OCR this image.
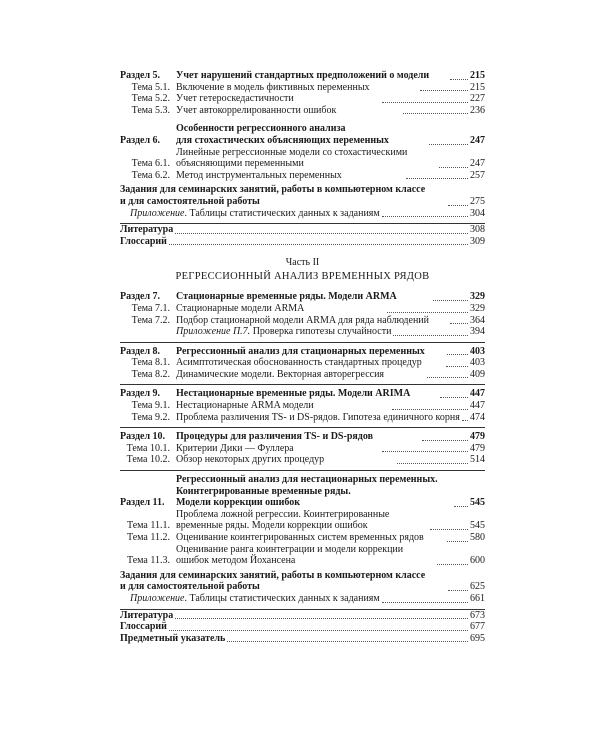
Раздел 5.	Учет нарушений стандартных предположений о модели	215
Тема 5.1. Включение в модель фиктивных переменных	215
Тема 5.2. Учет гетероскедастичности	227
Тема 5.3. Учет автокоррелированности ошибок	236
Раздел 6.
Особенности регрессионного анализа
для стохастических объясняющих переменных	247
Тема 6.1.
Линейные регрессионные модели со стохастическими
объясняющими переменными	247
Тема 6.2. Метод инструментальных переменных	257
Задания для семинарских занятий, работы в компьютерном классе
и для самостоятельной работы	275
Приложение. Таблицы статистических данных к заданиям	304
Литература	308
Глоссарий	309
Часть II
РЕГРЕССИОННЫЙ АНАЛИЗ ВРЕМЕННЫХ РЯДОВ
Раздел 7.	Стационарные временные ряды. Модели ARMA	329
Тема 7.1. Стационарные модели ARMA	329
Тема 7.2. Подбор стационарной модели ARMA для ряда наблюдений	364
Приложение П.7. Проверка гипотезы случайности	394
Раздел 8.	Регрессионный анализ для стационарных переменных	403
Тема 8.1. Асимптотическая обоснованность стандартных процедур	403
Тема 8.2. Динамические модели. Векторная авторегрессия	409
Раздел 9.	Нестационарные временные ряды. Модели ARIMA	447
Тема 9.1. Нестационарные ARMA модели	447
Тема 9.2. Проблема различения TS- и DS-рядов. Гипотеза единичного корня 474
Раздел 10.	Процедуры для различения TS- и DS-рядов	479
Тема 10.1. Критерии Дики — Фуллера	479
Тема 10.2. Обзор некоторых других процедур	514
Раздел 11.
Регрессионный анализ для нестационарных переменных.
Коинтегрированные временные ряды.
Модели коррекции ошибок	545
Тема 11.1.
Проблема ложной регрессии. Коинтегрированные
временные ряды. Модели коррекции ошибок	545
Тема 11.2. Оценивание коинтегрированных систем временных рядов	580
Тема 11.3.
Оценивание ранга коинтеграции и модели коррекции
ошибок методом Йохансена	600
Задания для семинарских занятий, работы в компьютерном классе
и для самостоятельной работы	625
Приложение. Таблицы статистических данных к заданиям	661
Литература	673
Глоссарий	677
Предметный указатель	695
